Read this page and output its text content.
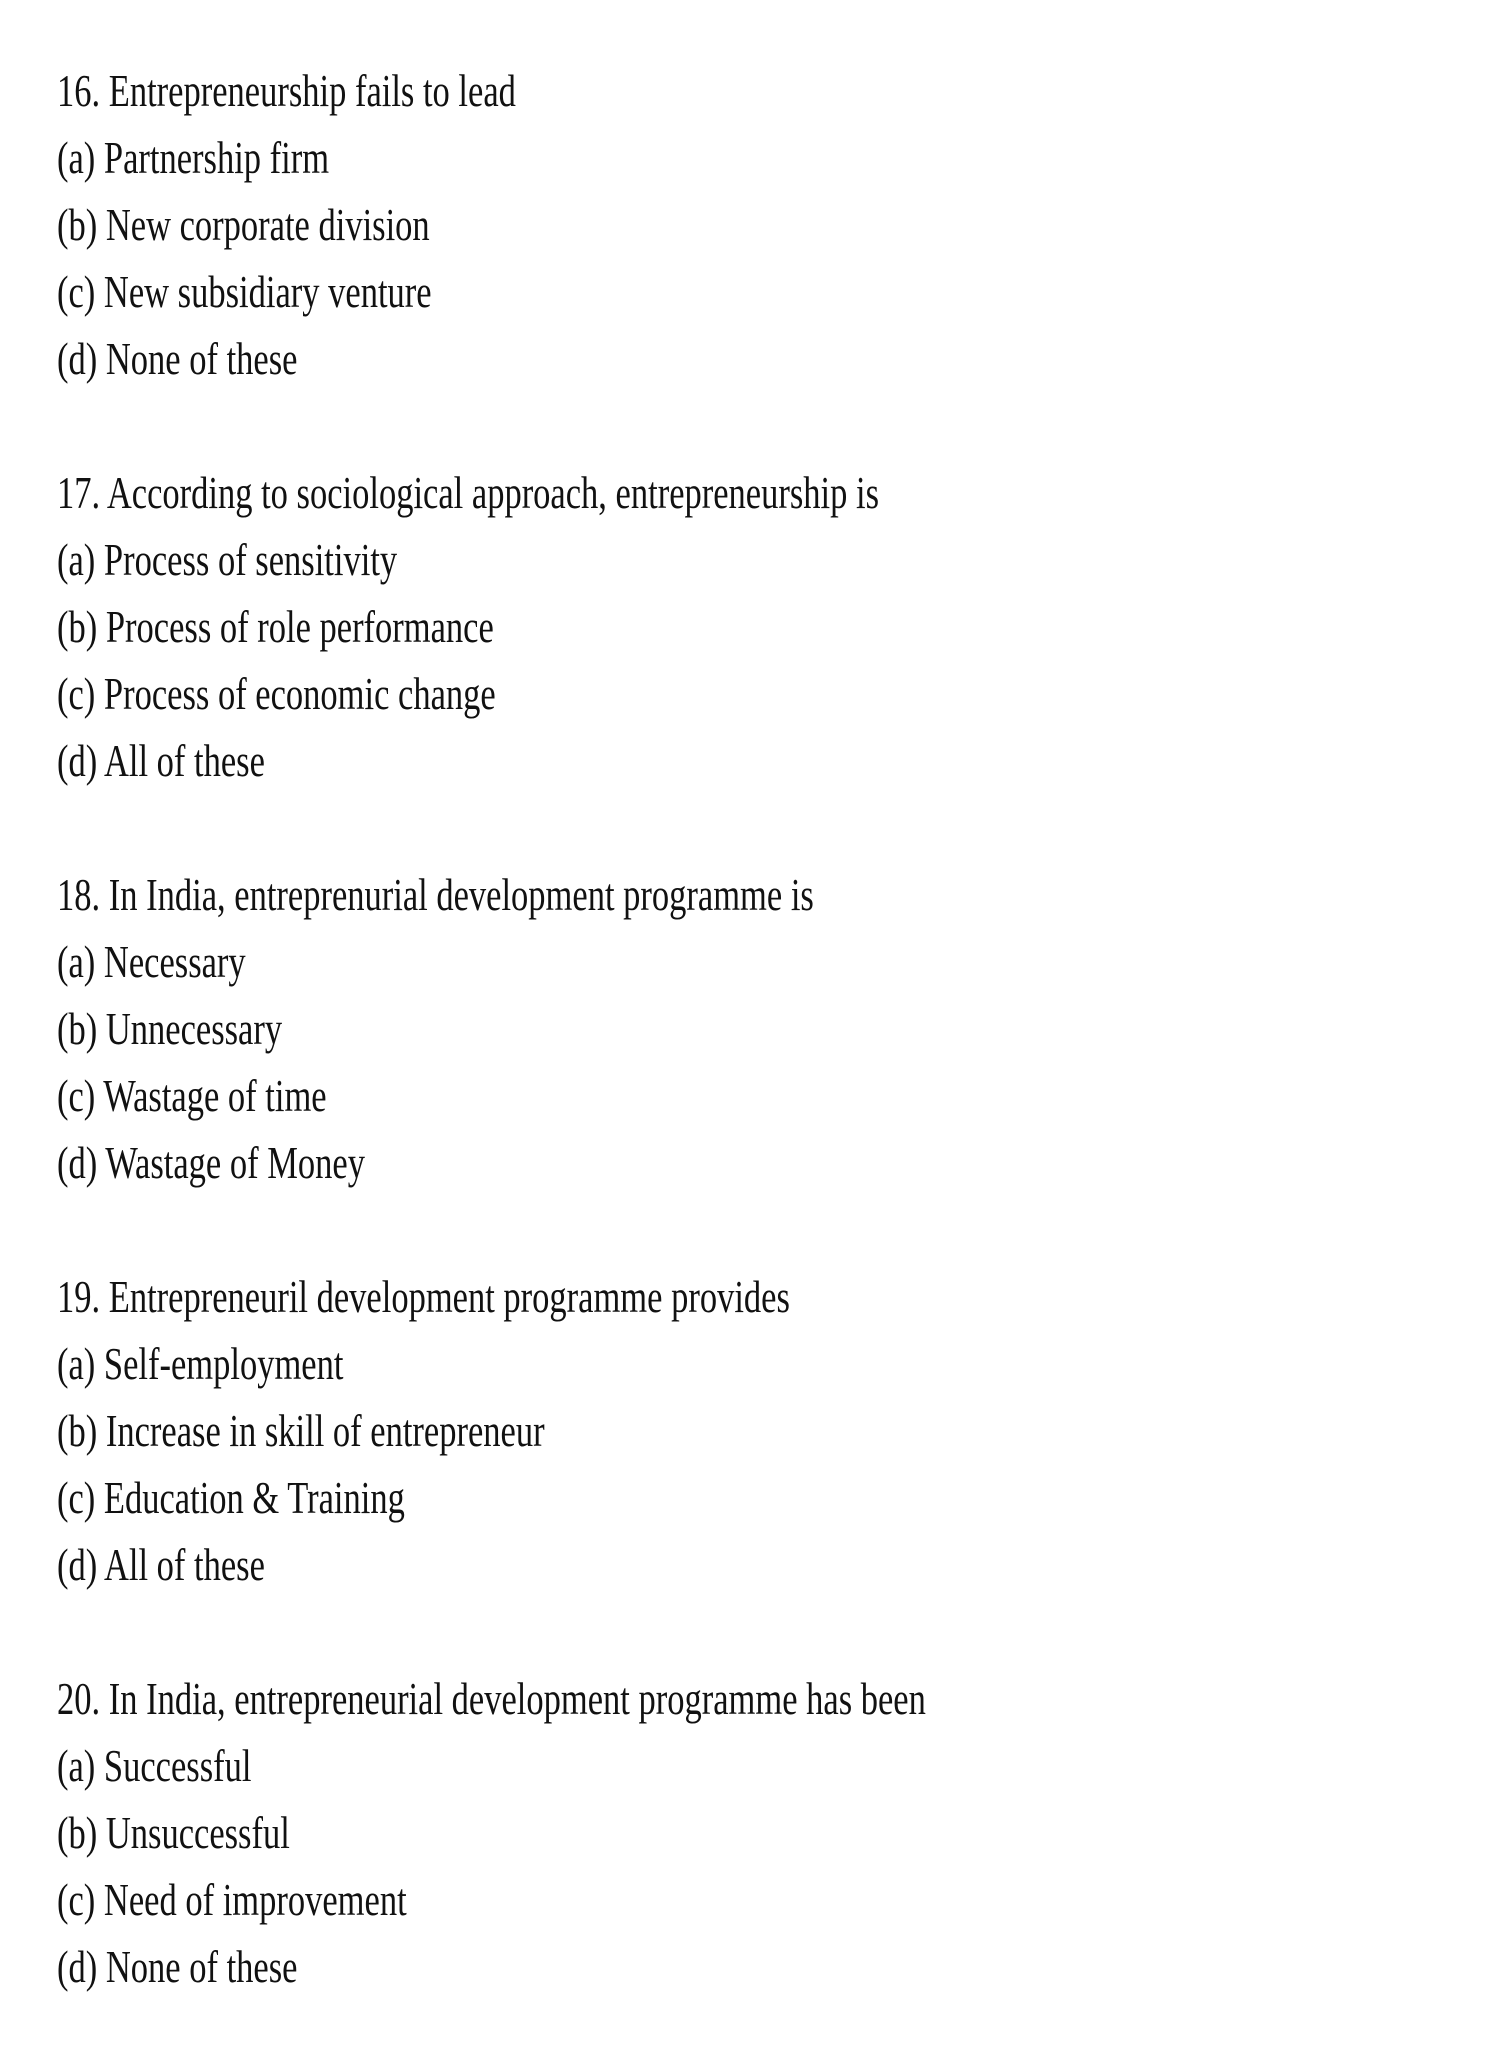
16. Entrepreneurship fails to lead
(a) Partnership firm
(b) New corporate division
(c) New subsidiary venture
(d) None of these
17. According to sociological approach, entrepreneurship is
(a) Process of sensitivity
(b) Process of role performance
(c) Process of economic change
(d) All of these
18. In India, entreprenurial development programme is
(a) Necessary
(b) Unnecessary
(c) Wastage of time
(d) Wastage of Money
19. Entrepreneuril development programme provides
(a) Self-employment
(b) Increase in skill of entrepreneur
(c) Education & Training
(d) All of these
20. In India, entrepreneurial development programme has been
(a) Successful
(b) Unsuccessful
(c) Need of improvement
(d) None of these
